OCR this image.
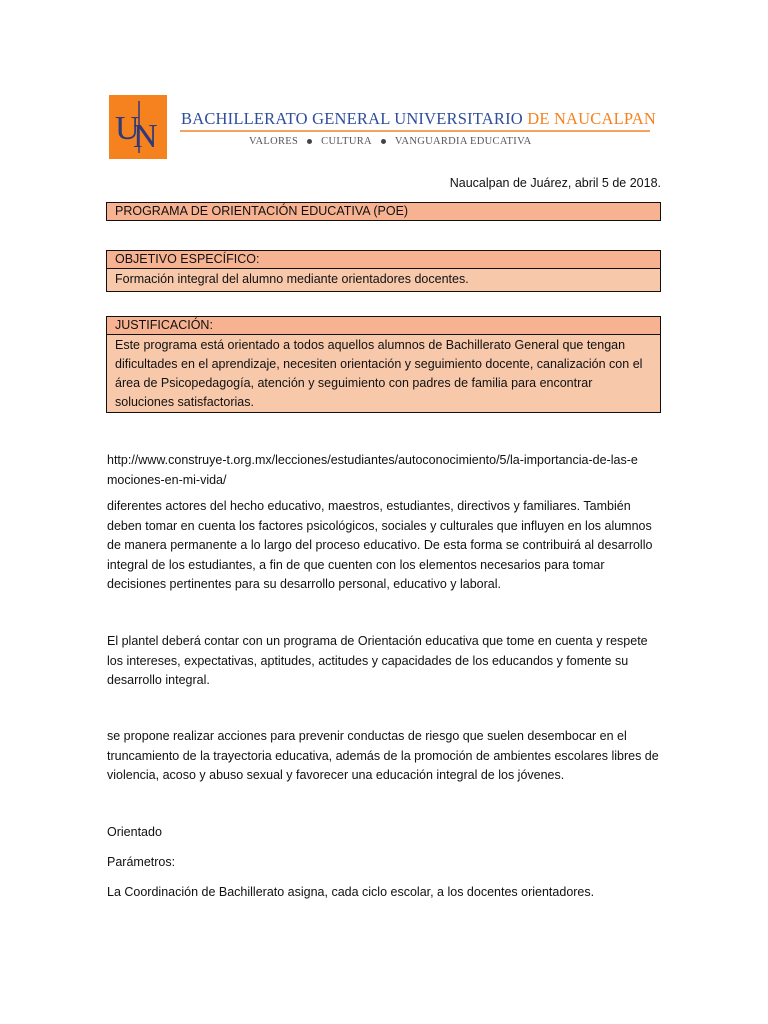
U
N BACHILLERATO GENERAL UNIVERSITARIO DE NAUCALPAN
VALORES CULTURA VANGUARDIA EDUCATIVA
Naucalpan de Juárez, abril 5 de 2018.
PROGRAMA DE ORIENTACIÓN EDUCATIVA (POE)
OBJETIVO ESPECÍFICO:
Formación integral del alumno mediante orientadores docentes.
JUSTIFICACIÓN:
Este programa está orientado a todos aquellos alumnos de Bachillerato General que tengan dificultades en el aprendizaje, necesiten orientación y seguimiento docente, canalización con el área de Psicopedagogía, atención y seguimiento con padres de familia para encontrar soluciones satisfactorias.

http://www.construye-t.org.mx/lecciones/estudiantes/autoconocimiento/5/la-importancia-de-las-emociones-en-mi-vida/

diferentes actores del hecho educativo, maestros, estudiantes, directivos y familiares. También deben tomar en cuenta los factores psicológicos, sociales y culturales que influyen en los alumnos de manera permanente a lo largo del proceso educativo. De esta forma se contribuirá al desarrollo integral de los estudiantes, a fin de que cuenten con los elementos necesarios para tomar decisiones pertinentes para su desarrollo personal, educativo y laboral.

El plantel deberá contar con un programa de Orientación educativa que tome en cuenta y respete los intereses, expectativas, aptitudes, actitudes y capacidades de los educandos y fomente su desarrollo integral.

se propone realizar acciones para prevenir conductas de riesgo que suelen desembocar en el truncamiento de la trayectoria educativa, además de la promoción de ambientes escolares libres de violencia, acoso y abuso sexual y favorecer una educación integral de los jóvenes.

Orientado

Parámetros:

La Coordinación de Bachillerato asigna, cada ciclo escolar, a los docentes orientadores.
